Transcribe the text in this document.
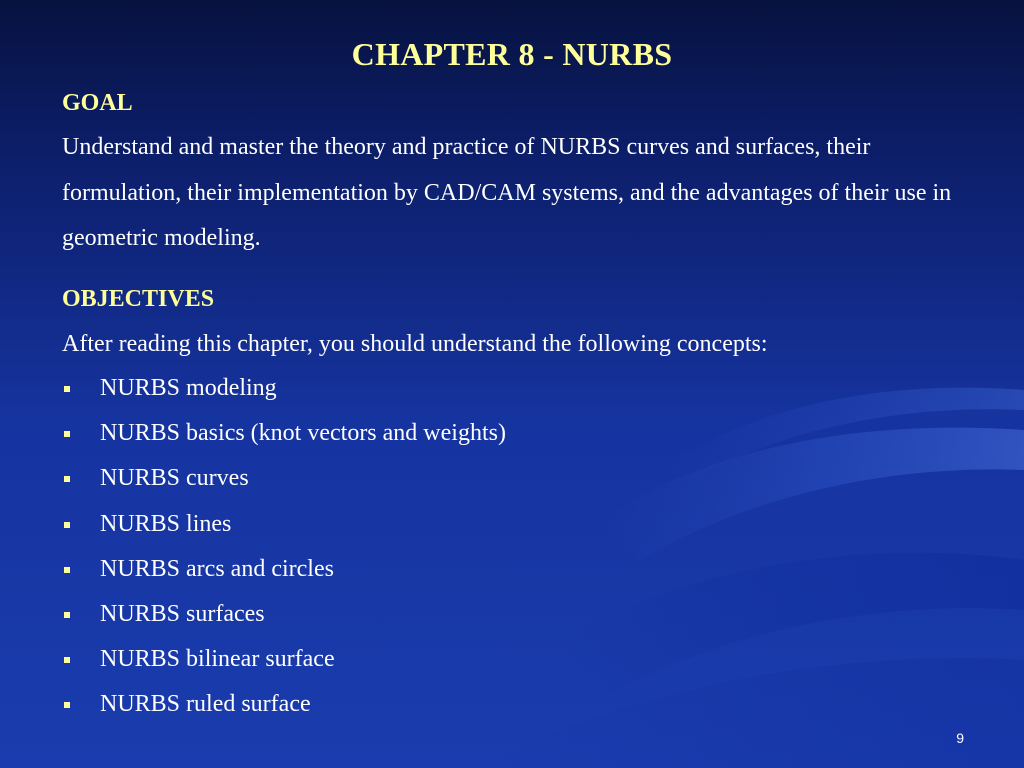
CHAPTER 8 - NURBS
GOAL
Understand and master the theory and practice of NURBS curves and surfaces, their formulation, their implementation by CAD/CAM systems, and the advantages of their use in geometric modeling.
OBJECTIVES
After reading this chapter, you should understand the following concepts:
NURBS modeling
NURBS basics (knot vectors and weights)
NURBS curves
NURBS lines
NURBS arcs and circles
NURBS surfaces
NURBS bilinear surface
NURBS ruled surface
9
